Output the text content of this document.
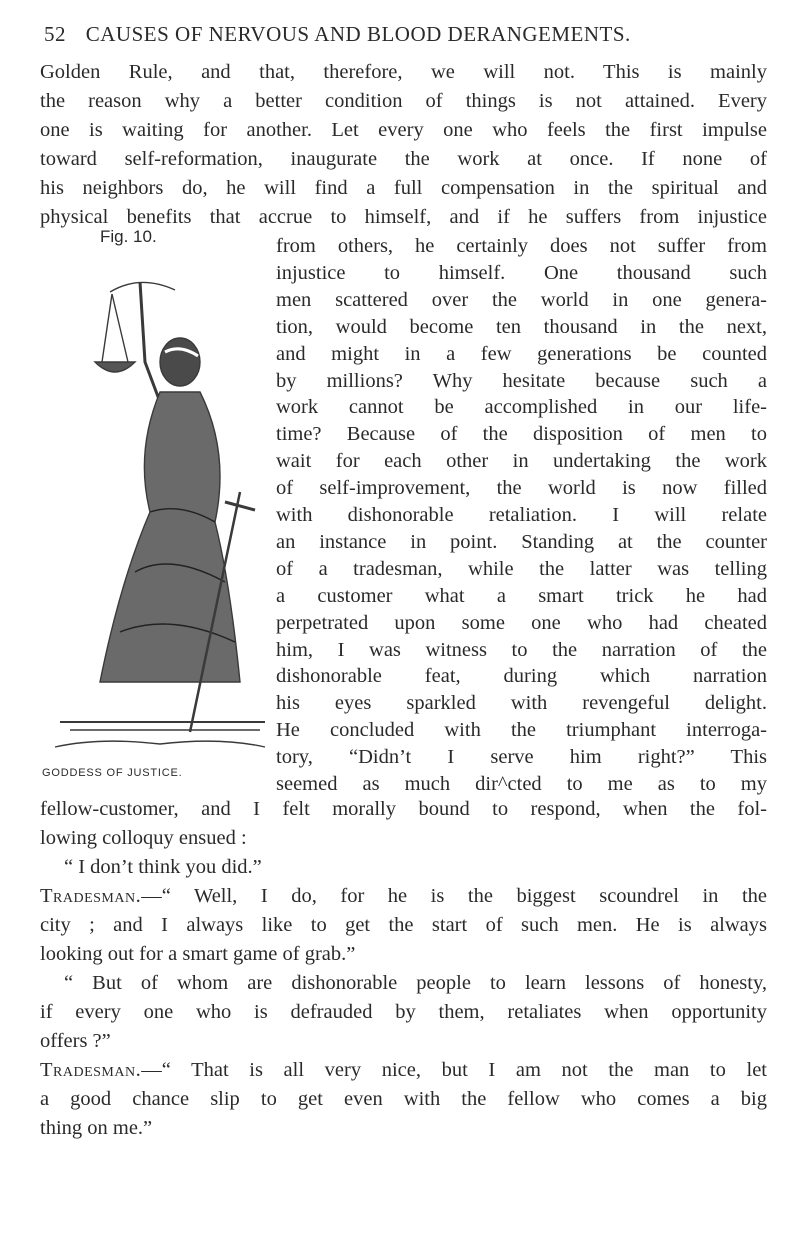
52 CAUSES OF NERVOUS AND BLOOD DERANGEMENTS.
Golden Rule, and that, therefore, we will not. This is mainly
the reason why a better condition of things is not attained. Every
one is waiting for another. Let every one who feels the first impulse
toward self-reformation, inaugurate the work at once. If none of
his neighbors do, he will find a full compensation in the spiritual and
physical benefits that accrue to himself, and if he suffers from injustice
Fig. 10.
GODDESS OF JUSTICE.
from others, he certainly does not suffer from
injustice to himself. One thousand such
men scattered over the world in one genera-
tion, would become ten thousand in the next,
and might in a few generations be counted
by millions? Why hesitate because such a
work cannot be accomplished in our life-
time? Because of the disposition of men to
wait for each other in undertaking the work
of self-improvement, the world is now filled
with dishonorable retaliation. I will relate
an instance in point. Standing at the counter
of a tradesman, while the latter was telling
a customer what a smart trick he had
perpetrated upon some one who had cheated
him, I was witness to the narration of the
dishonorable feat, during which narration
his eyes sparkled with revengeful delight.
He concluded with the triumphant interroga-
tory, “Didn’t I serve him right?” This
seemed as much dir^cted to me as to my
fellow-customer, and I felt morally bound to respond, when the fol-
lowing colloquy ensued :
“ I don’t think you did.”
Tradesman.—“ Well, I do, for he is the biggest scoundrel in the
city ; and I always like to get the start of such men. He is always
looking out for a smart game of grab.”
“ But of whom are dishonorable people to learn lessons of honesty,
if every one who is defrauded by them, retaliates when opportunity
offers ?”
Tradesman.—“ That is all very nice, but I am not the man to let
a good chance slip to get even with the fellow who comes a big
thing on me.”
